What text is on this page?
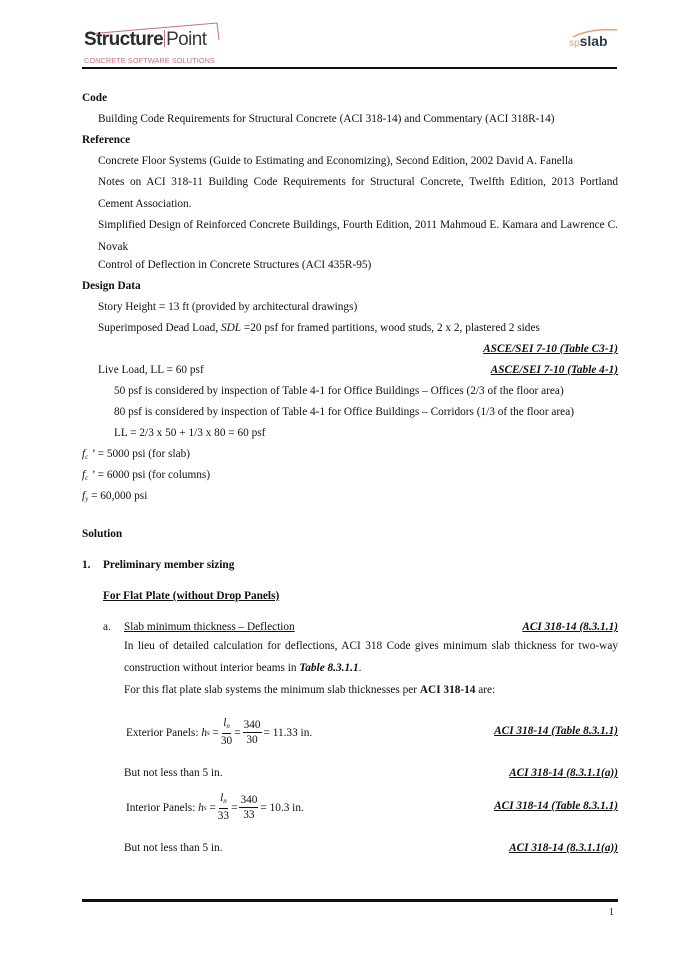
Structure Point
CONCRETE SOFTWARE SOLUTIONS
spslab
Code
Building Code Requirements for Structural Concrete (ACI 318-14) and Commentary (ACI 318R-14)
Reference
Concrete Floor Systems (Guide to Estimating and Economizing), Second Edition, 2002 David A. Fanella
Notes on ACI 318-11 Building Code Requirements for Structural Concrete, Twelfth Edition, 2013 Portland Cement Association.
Simplified Design of Reinforced Concrete Buildings, Fourth Edition, 2011 Mahmoud E. Kamara and Lawrence C. Novak
Control of Deflection in Concrete Structures (ACI 435R-95)
Design Data
Story Height = 13 ft (provided by architectural drawings)
Superimposed Dead Load, SDL =20 psf for framed partitions, wood studs, 2 x 2, plastered 2 sides
ASCE/SEI 7-10 (Table C3-1)
Live Load, LL = 60 psf	ASCE/SEI 7-10 (Table 4-1)
50 psf is considered by inspection of Table 4-1 for Office Buildings – Offices (2/3 of the floor area)
80 psf is considered by inspection of Table 4-1 for Office Buildings – Corridors (1/3 of the floor area)
LL = 2/3 x 50 + 1/3 x 80 = 60 psf
$f_c$ ’ = 5000 psi (for slab)
$f_c$ ’ = 6000 psi (for columns)
$f_y = 60,000$ psi
Solution
1. Preliminary member sizing
For Flat Plate (without Drop Panels)
a. Slab minimum thickness – Deflection	ACI 318-14 (8.3.1.1)
In lieu of detailed calculation for deflections, ACI 318 Code gives minimum slab thickness for two-way construction without interior beams in Table 8.3.1.1.
For this flat plate slab systems the minimum slab thicknesses per ACI 318-14 are:
Exterior Panels:
h $s = \frac{l_n}{30} = \frac{340}{30} = 11.33$ in.	ACI 318-14 (Table 8.3.1.1)
But not less than 5 in.	ACI 318-14 (8.3.1.1(a))
Interior Panels:
h $s = \frac{l_n}{33} = \frac{340}{33} = 10.3$ in.	ACI 318-14 (Table 8.3.1.1)
But not less than 5 in.	ACI 318-14 (8.3.1.1(a))
1
